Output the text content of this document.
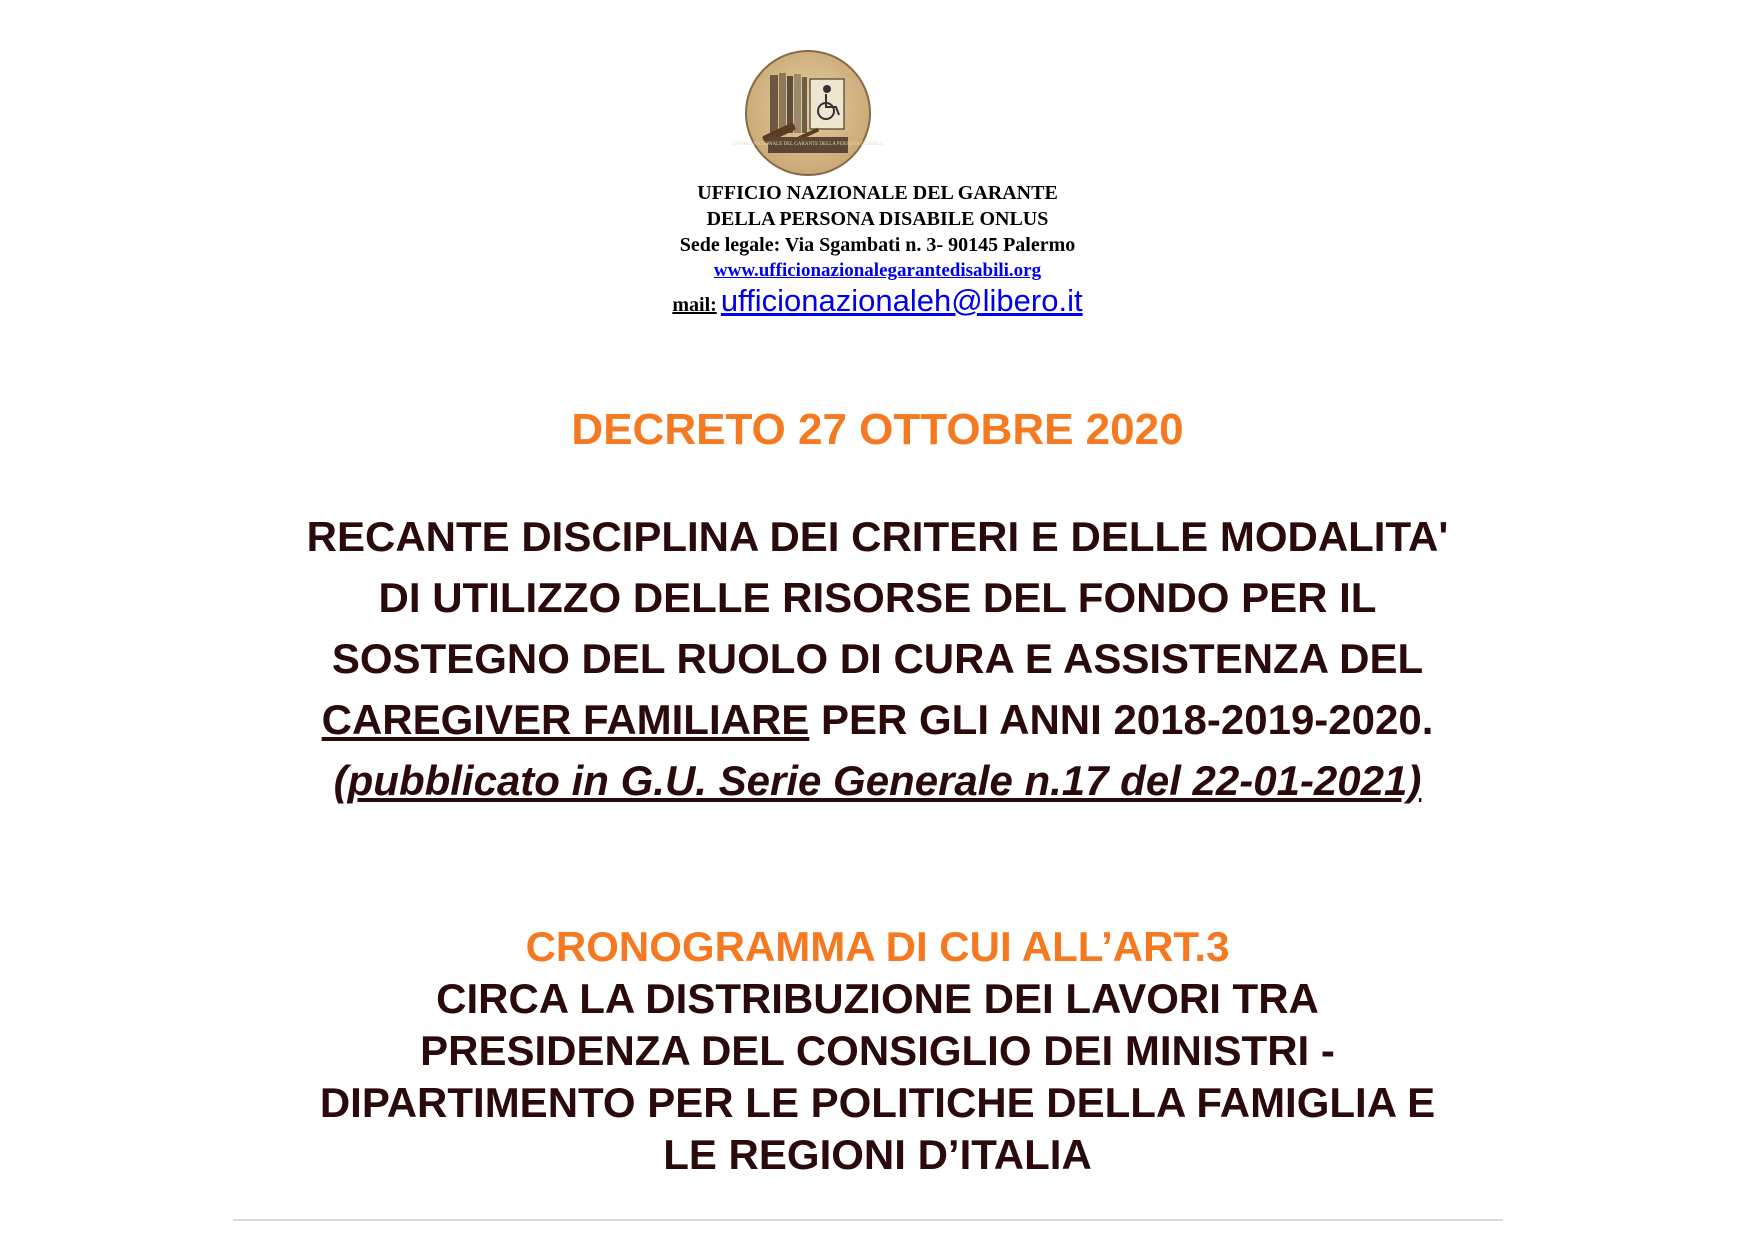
UFFICIO NAZIONALE DEL GARANTE DELLA PERSONA DISABILE
UFFICIO NAZIONALE DEL GARANTE
DELLA PERSONA DISABILE ONLUS
Sede legale: Via Sgambati n. 3- 90145 Palermo
www.ufficionazionalegarantedisabili.org
mail: ufficionazionaleh@libero.it
DECRETO 27 OTTOBRE 2020
RECANTE DISCIPLINA DEI CRITERI E DELLE MODALITA'
DI UTILIZZO DELLE RISORSE DEL FONDO PER IL
SOSTEGNO DEL RUOLO DI CURA E ASSISTENZA DEL
CAREGIVER FAMILIARE PER GLI ANNI 2018-2019-2020.
(pubblicato in G.U. Serie Generale n.17 del 22-01-2021)
CRONOGRAMMA DI CUI ALL’ART.3
CIRCA LA DISTRIBUZIONE DEI LAVORI TRA
PRESIDENZA DEL CONSIGLIO DEI MINISTRI -
DIPARTIMENTO PER LE POLITICHE DELLA FAMIGLIA E
LE REGIONI D’ITALIA
